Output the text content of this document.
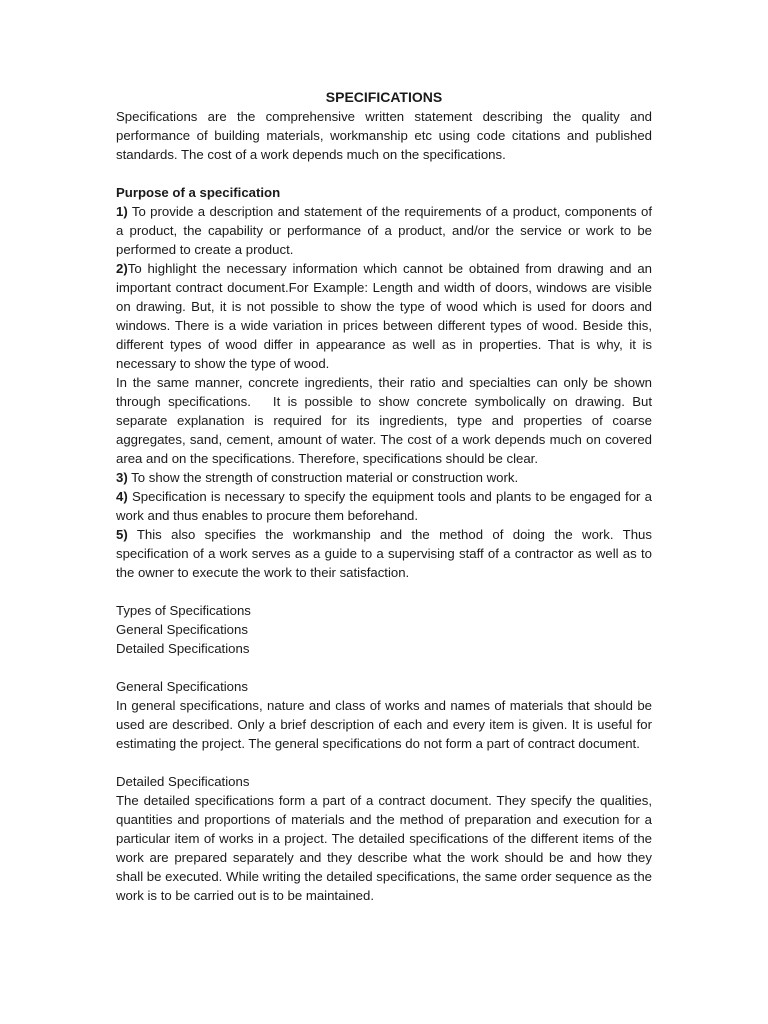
SPECIFICATIONS

Specifications are the comprehensive written statement describing the quality and performance of building materials, workmanship etc using code citations and published standards. The cost of a work depends much on the specifications.

Purpose of a specification

1) To provide a description and statement of the requirements of a product, components of a product, the capability or performance of a product, and/or the service or work to be performed to create a product.

2)To highlight the necessary information which cannot be obtained from drawing and an important contract document.For Example: Length and width of doors, windows are visible on drawing. But, it is not possible to show the type of wood which is used for doors and windows. There is a wide variation in prices between different types of wood. Beside this, different types of wood differ in appearance as well as in properties. That is why, it is necessary to show the type of wood.

In the same manner, concrete ingredients, their ratio and specialties can only be shown through specifications.   It is possible to show concrete symbolically on drawing. But separate explanation is required for its ingredients, type and properties of coarse aggregates, sand, cement, amount of water. The cost of a work depends much on covered area and on the specifications. Therefore, specifications should be clear.

3) To show the strength of construction material or construction work.

4) Specification is necessary to specify the equipment tools and plants to be engaged for a work and thus enables to procure them beforehand.

5) This also specifies the workmanship and the method of doing the work. Thus specification of a work serves as a guide to a supervising staff of a contractor as well as to the owner to execute the work to their satisfaction.

Types of Specifications

General Specifications

Detailed Specifications

General Specifications

In general specifications, nature and class of works and names of materials that should be used are described. Only a brief description of each and every item is given. It is useful for estimating the project. The general specifications do not form a part of contract document.

Detailed Specifications

The detailed specifications form a part of a contract document. They specify the qualities, quantities and proportions of materials and the method of preparation and execution for a particular item of works in a project. The detailed specifications of the different items of the work are prepared separately and they describe what the work should be and how they shall be executed. While writing the detailed specifications, the same order sequence as the work is to be carried out is to be maintained.
